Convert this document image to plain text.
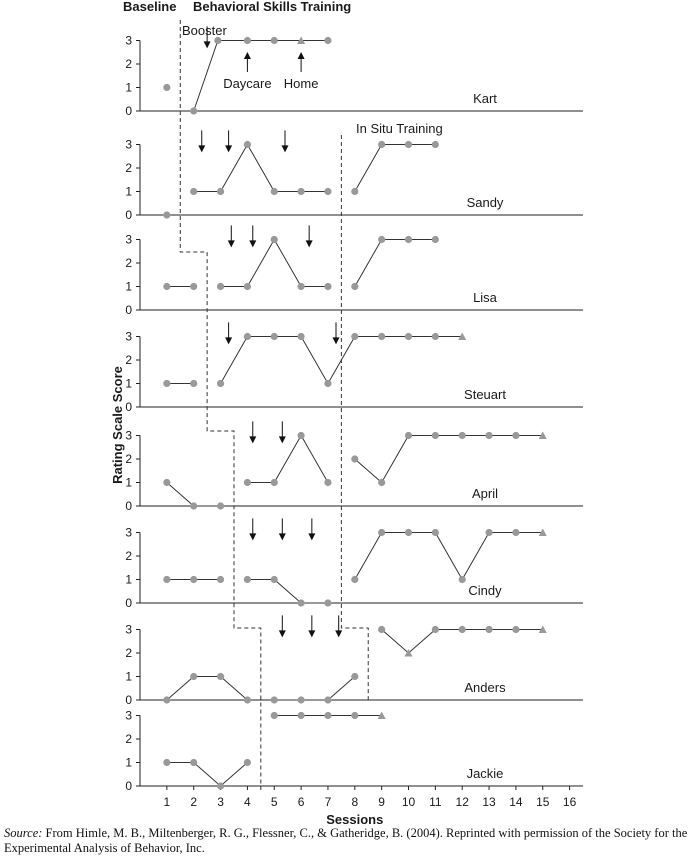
Baseline Behavioral Skills Training
0
1
2
3
0
1
2
3
0
1
2
3
0
1
2
3
0
1
2
3
0
1
2
3
0
1
2
3
0
1
2
3
1 2 3 4 5 6 7 8 9 10 11 12 13 14 15 16
Kart
Sandy
Lisa
Steuart
April
Cindy
Anders
Jackie
Booster
Daycare Home
In Situ Training
Rating Scale Score
Sessions
Source: From Himle, M. B., Miltenberger, R. G., Flessner, C., & Gatheridge, B. (2004). Reprinted with permission of the Society for the Experimental Analysis of Behavior, Inc.
